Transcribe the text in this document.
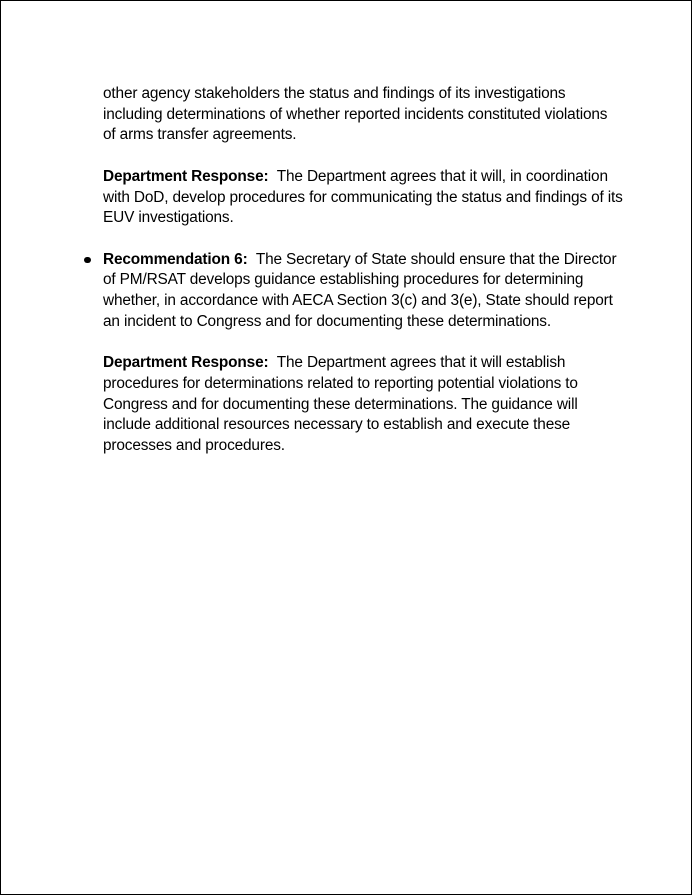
other agency stakeholders the status and findings of its investigations including determinations of whether reported incidents constituted violations of arms transfer agreements.

Department Response: The Department agrees that it will, in coordination with DoD, develop procedures for communicating the status and findings of its EUV investigations.

Recommendation 6: The Secretary of State should ensure that the Director of PM/RSAT develops guidance establishing procedures for determining whether, in accordance with AECA Section 3(c) and 3(e), State should report an incident to Congress and for documenting these determinations.

Department Response: The Department agrees that it will establish procedures for determinations related to reporting potential violations to Congress and for documenting these determinations. The guidance will include additional resources necessary to establish and execute these processes and procedures.
